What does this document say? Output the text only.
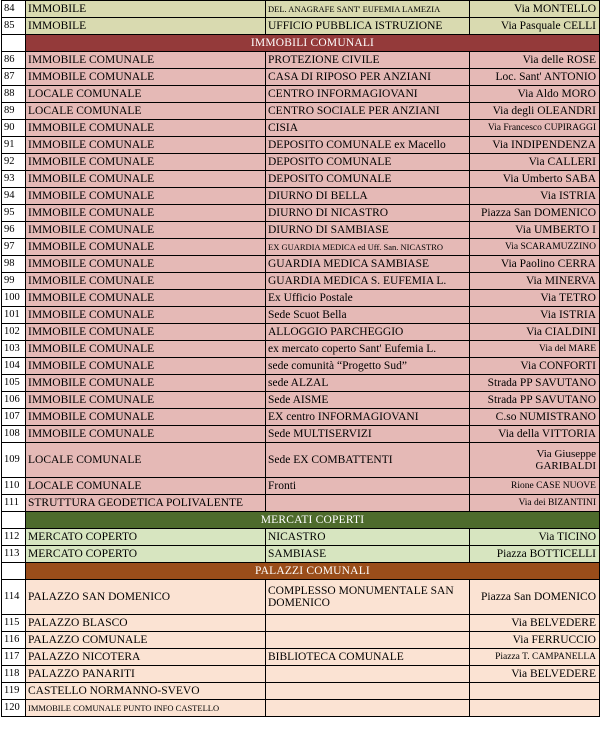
84	IMMOBILE	DEL. ANAGRAFE SANT' EUFEMIA LAMEZIA	Via MONTELLO
85	IMMOBILE	UFFICIO PUBBLICA ISTRUZIONE	Via Pasquale CELLI
	IMMOBILI COMUNALI		
86	IMMOBILE COMUNALE	PROTEZIONE CIVILE	Via delle ROSE
87	IMMOBILE COMUNALE	CASA DI RIPOSO PER ANZIANI	Loc. Sant' ANTONIO
88	LOCALE COMUNALE	CENTRO INFORMAGIOVANI	Via Aldo MORO
89	LOCALE COMUNALE	CENTRO SOCIALE PER ANZIANI	Via degli OLEANDRI
90	IMMOBILE COMUNALE	CISIA	Via Francesco CUPIRAGGI
91	IMMOBILE COMUNALE	DEPOSITO COMUNALE ex Macello	Via INDIPENDENZA
92	IMMOBILE COMUNALE	DEPOSITO COMUNALE	Via CALLERI
93	IMMOBILE COMUNALE	DEPOSITO COMUNALE	Via Umberto SABA
94	IMMOBILE COMUNALE	DIURNO DI BELLA	Via ISTRIA
95	IMMOBILE COMUNALE	DIURNO DI NICASTRO	Piazza San DOMENICO
96	IMMOBILE COMUNALE	DIURNO DI SAMBIASE	Via UMBERTO I
97	IMMOBILE COMUNALE	EX GUARDIA MEDICA ed Uff. San. NICASTRO	Via SCARAMUZZINO
98	IMMOBILE COMUNALE	GUARDIA MEDICA SAMBIASE	Via Paolino CERRA
99	IMMOBILE COMUNALE	GUARDIA MEDICA S. EUFEMIA L.	Via MINERVA
100	IMMOBILE COMUNALE	Ex Ufficio Postale	Via TETRO
101	IMMOBILE COMUNALE	Sede Scuot Bella	Via ISTRIA
102	IMMOBILE COMUNALE	ALLOGGIO PARCHEGGIO	Via CIALDINI
103	IMMOBILE COMUNALE	ex mercato coperto Sant' Eufemia L.	Via del MARE
104	IMMOBILE COMUNALE	sede comunità “Progetto Sud”	Via CONFORTI
105	IMMOBILE COMUNALE	sede ALZAL	Strada PP SAVUTANO
106	IMMOBILE COMUNALE	Sede AISME	Strada PP SAVUTANO
107	IMMOBILE COMUNALE	EX centro INFORMAGIOVANI	C.so NUMISTRANO
108	IMMOBILE COMUNALE	Sede MULTISERVIZI	Via della VITTORIA
109	LOCALE COMUNALE	Sede EX COMBATTENTI	Via Giuseppe
GARIBALDI

110	LOCALE COMUNALE	Fronti	Rione CASE NUOVE
111	STRUTTURA GEODETICA POLIVALENTE		Via dei BIZANTINI
	MERCATI COPERTI		
112	MERCATO COPERTO	NICASTRO	Via TICINO
113	MERCATO COPERTO	SAMBIASE	Piazza BOTTICELLI
	PALAZZI COMUNALI		
114	PALAZZO SAN DOMENICO	COMPLESSO MONUMENTALE SAN
DOMENICO	Piazza San DOMENICO
115	PALAZZO BLASCO		Via BELVEDERE
116	PALAZZO COMUNALE		Via FERRUCCIO
117	PALAZZO NICOTERA	BIBLIOTECA COMUNALE	Piazza T. CAMPANELLA
118	PALAZZO PANARITI		Via BELVEDERE
119	CASTELLO NORMANNO-SVEVO		
120	IMMOBILE COMUNALE PUNTO INFO CASTELLO		
